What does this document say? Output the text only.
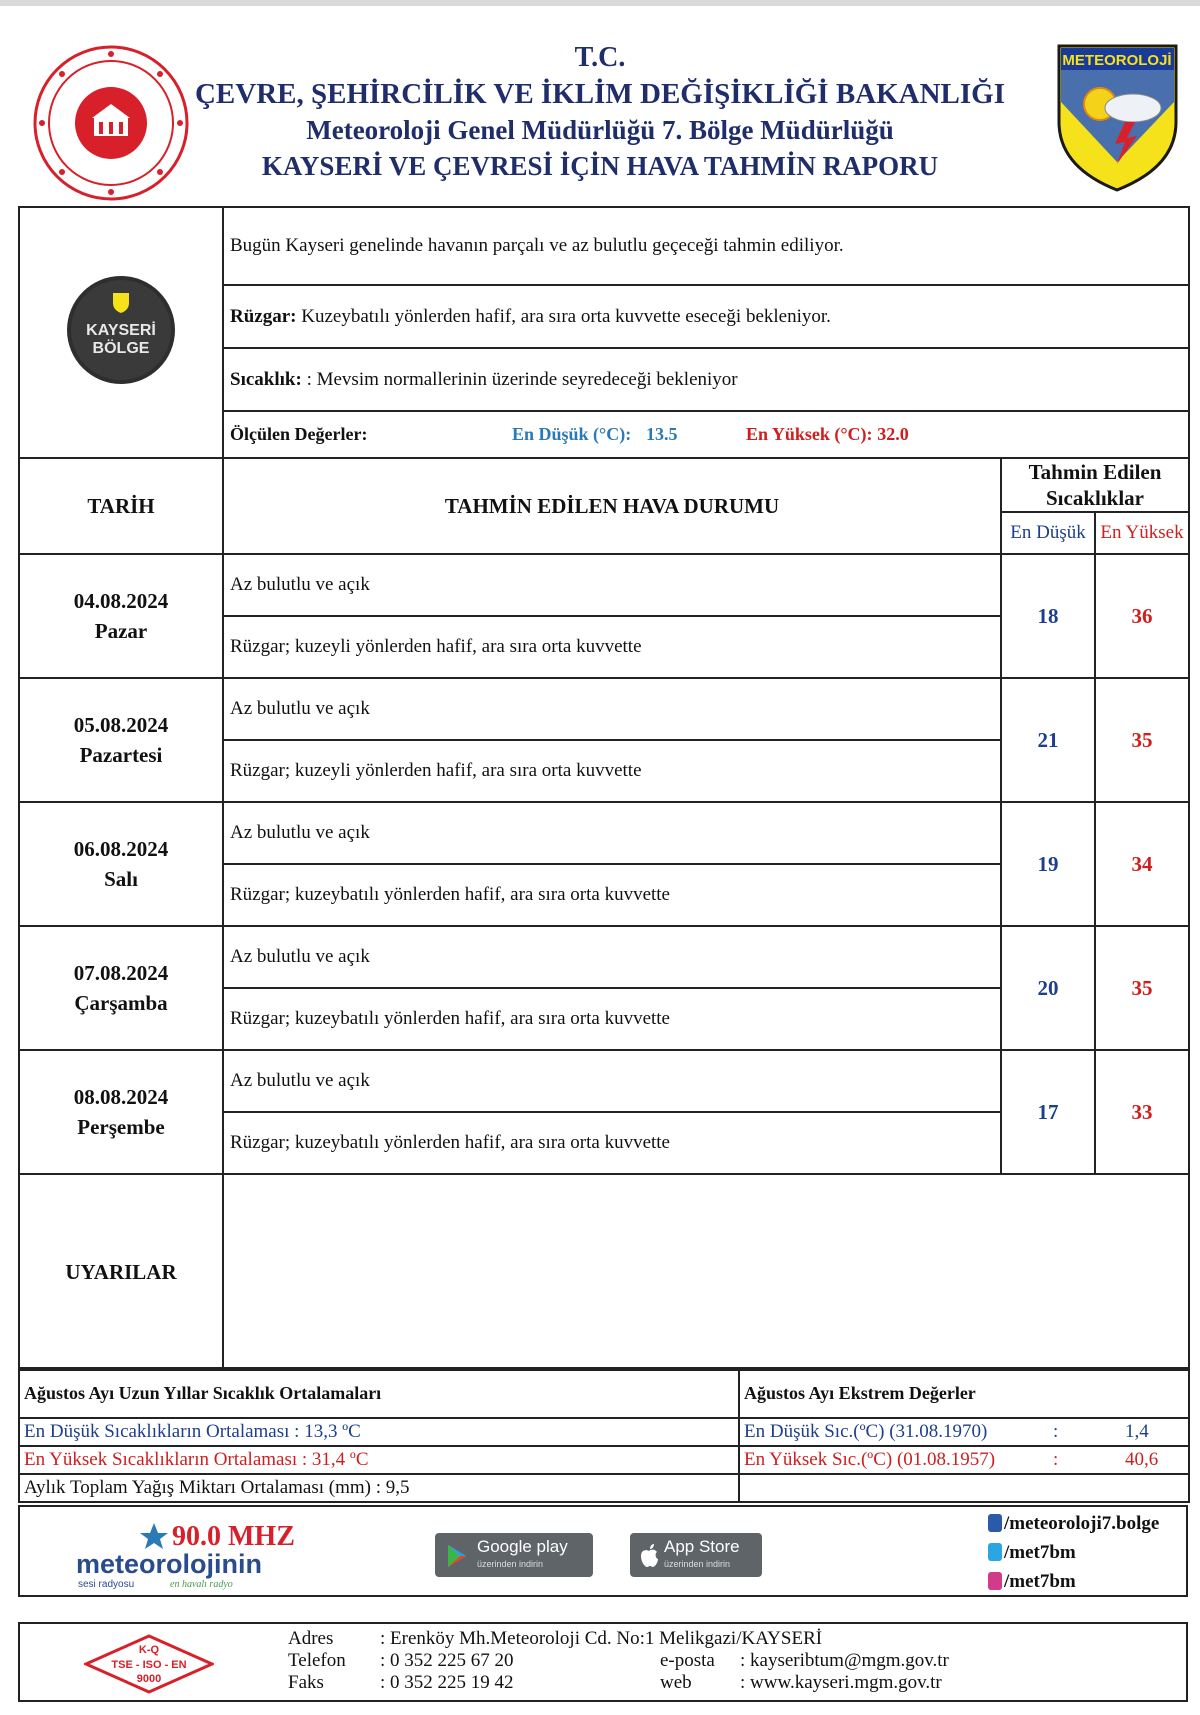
T.C.
ÇEVRE, ŞEHİRCİLİK VE İKLİM DEĞİŞİKLİĞİ BAKANLIĞI
Meteoroloji Genel Müdürlüğü 7. Bölge Müdürlüğü
KAYSERİ VE ÇEVRESİ İÇİN HAVA TAHMİN RAPORU
METEOROLOJİ
KAYSERİ
BÖLGE	Bugün Kayseri genelinde havanın parçalı ve az bulutlu geçeceği tahmin ediliyor.		
	Rüzgar: Kuzeybatılı yönlerden hafif, ara sıra orta kuvvette eseceği bekleniyor.		
	Sıcaklık: : Mevsim normallerinin üzerinde seyredeceği bekleniyor		
	Ölçülen Değerler: En Düşük (°C): 13.5 En Yüksek (°C): 32.0		
TARİH	TAHMİN EDİLEN HAVA DURUMU	Tahmin Edilen Sıcaklıklar	
		En Düşük	En Yüksek

04.08.2024
Pazar	Az bulutlu ve açık	18	36
	Rüzgar; kuzeyli yönlerden hafif, ara sıra orta kuvvette		

05.08.2024
Pazartesi	Az bulutlu ve açık	21	35
	Rüzgar; kuzeyli yönlerden hafif, ara sıra orta kuvvette		

06.08.2024
Salı	Az bulutlu ve açık	19	34
	Rüzgar; kuzeybatılı yönlerden hafif, ara sıra orta kuvvette		

07.08.2024
Çarşamba	Az bulutlu ve açık	20	35
	Rüzgar; kuzeybatılı yönlerden hafif, ara sıra orta kuvvette		

08.08.2024
Perşembe	Az bulutlu ve açık	17	33
	Rüzgar; kuzeybatılı yönlerden hafif, ara sıra orta kuvvette		
UYARILAR			
Ağustos Ayı Uzun Yıllar Sıcaklık Ortalamaları	Ağustos Ayı Ekstrem Değerler	
En Düşük Sıcaklıkların Ortalaması : 13,3 ºC	En Düşük Sıc.(ºC) (31.08.1970)	: 1,4
En Yüksek Sıcaklıkların Ortalaması : 31,4 ºC	En Yüksek Sıc.(ºC) (01.08.1957)	: 40,6
Aylık Toplam Yağış Miktarı Ortalaması (mm) : 9,5		
90.0 MHZ
meteorolojinin
sesi radyosu	en havalı radyo
Google play
üzerinden indirin
App Store
üzerinden indirin
/meteoroloji7.bolge
/met7bm
/met7bm
K-Q
TSE - ISO - EN
9000
Adres : Erenköy Mh.Meteoroloji Cd. No:1 Melikgazi/KAYSERİ
Telefon : 0 352 225 67 20
Faks	: 0 352 225 19 42
e-posta : kayseribtum@mgm.gov.tr
web	: www.kayseri.mgm.gov.tr
